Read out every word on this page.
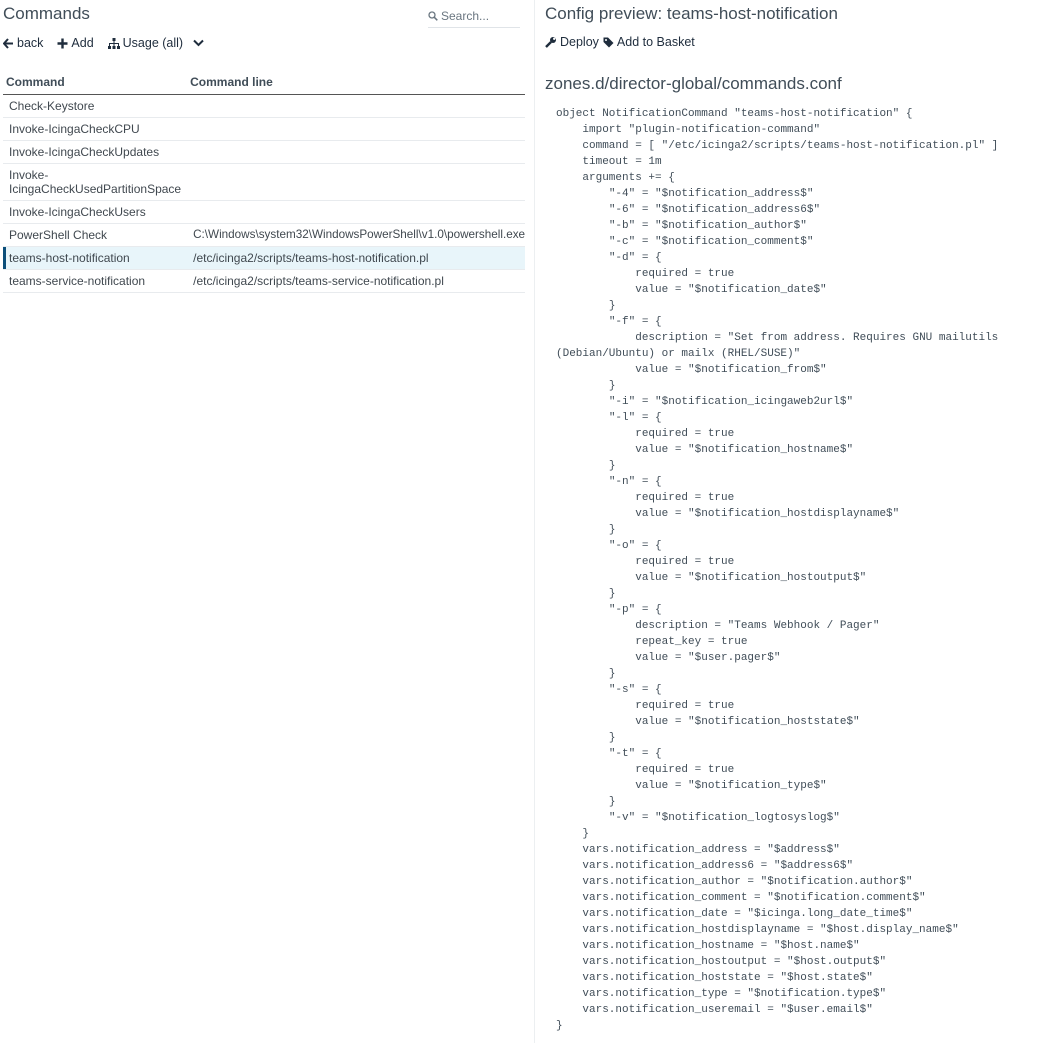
Commands	Search...
back Add Usage (all)
Command	Command line
Check-Keystore	
Invoke-IcingaCheckCPU	
Invoke-IcingaCheckUpdates	
Invoke-
IcingaCheckUsedPartitionSpace	
Invoke-IcingaCheckUsers	
PowerShell Check	C:\Windows\system32\WindowsPowerShell\v1.0\powershell.exe
teams-host-notification	/etc/icinga2/scripts/teams-host-notification.pl
teams-service-notification	/etc/icinga2/scripts/teams-service-notification.pl
Config preview: teams-host-notification
Deploy Add to Basket
zones.d/director-global/commands.conf
object NotificationCommand "teams-host-notification" {
import "plugin-notification-command"
command = [ "/etc/icinga2/scripts/teams-host-notification.pl" ]
timeout = 1m
arguments += {
"-4" = "$notification_address$"
"-6" = "$notification_address6$"
"-b" = "$notification_author$"
"-c" = "$notification_comment$"
"-d" = {
required = true
value = "$notification_date$"
}
"-f" = {
description = "Set from address. Requires GNU mailutils (Debian/Ubuntu) or mailx (RHEL/SUSE)"
value = "$notification_from$"
}
"-i" = "$notification_icingaweb2url$"
"-l" = {
required = true
value = "$notification_hostname$"
}
"-n" = {
required = true
value = "$notification_hostdisplayname$"
}
"-o" = {
required = true
value = "$notification_hostoutput$"
}
"-p" = {
description = "Teams Webhook / Pager"
repeat_key = true
value = "$user.pager$"
}
"-s" = {
required = true
value = "$notification_hoststate$"
}
"-t" = {
required = true
value = "$notification_type$"
}
"-v" = "$notification_logtosyslog$"
}
vars.notification_address = "$address$"
vars.notification_address6 = "$address6$"
vars.notification_author = "$notification.author$"
vars.notification_comment = "$notification.comment$"
vars.notification_date = "$icinga.long_date_time$"
vars.notification_hostdisplayname = "$host.display_name$"
vars.notification_hostname = "$host.name$"
vars.notification_hostoutput = "$host.output$"
vars.notification_hoststate = "$host.state$"
vars.notification_type = "$notification.type$"
vars.notification_useremail = "$user.email$"
}
